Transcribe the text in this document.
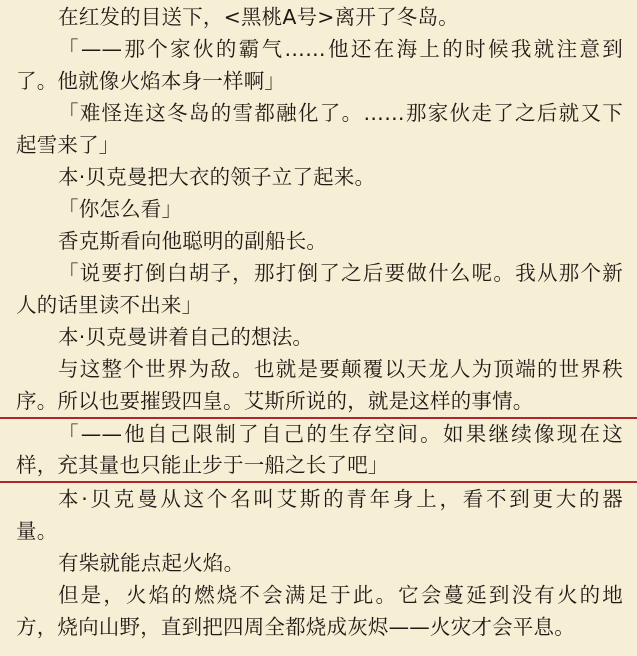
在红发的目送下，<黑桃A号>离开了冬岛。
「——那个家伙的霸气……他还在海上的时候我就注意到
了。他就像火焰本身一样啊」
「难怪连这冬岛的雪都融化了。……那家伙走了之后就又下
起雪来了」
本·贝克曼把大衣的领子立了起来。
「你怎么看」
香克斯看向他聪明的副船长。
「说要打倒白胡子，那打倒了之后要做什么呢。我从那个新
人的话里读不出来」
本·贝克曼讲着自己的想法。
与这整个世界为敌。也就是要颠覆以天龙人为顶端的世界秩
序。所以也要摧毁四皇。艾斯所说的，就是这样的事情。
「——他自己限制了自己的生存空间。如果继续像现在这
样，充其量也只能止步于一船之长了吧」
本·贝克曼从这个名叫艾斯的青年身上，看不到更大的器
量。
有柴就能点起火焰。
但是，火焰的燃烧不会满足于此。它会蔓延到没有火的地
方，烧向山野，直到把四周全都烧成灰烬——火灾才会平息。
